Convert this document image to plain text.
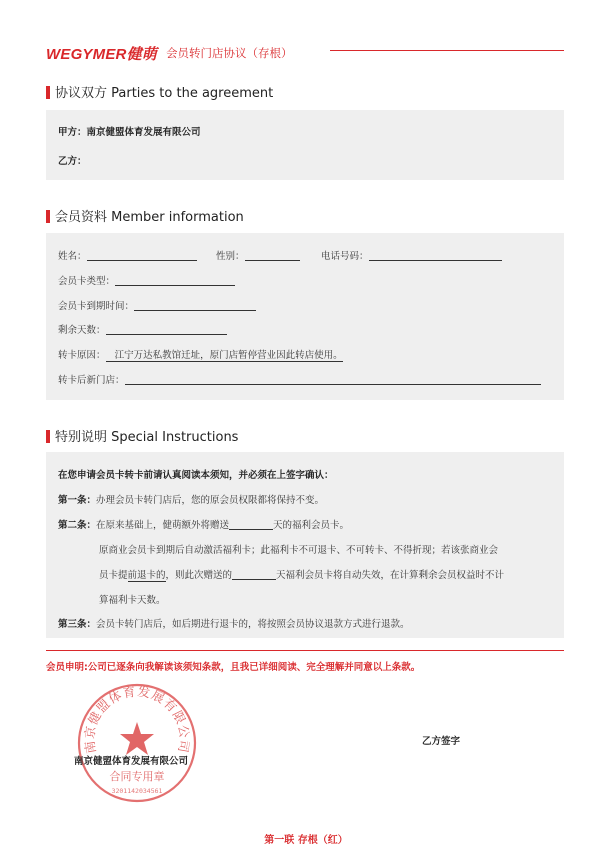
WEGYMER健萌 会员转门店协议（存根）
协议双方 Parties to the agreement
甲方：南京健盟体育发展有限公司
乙方：
会员资料 Member information
姓名：	性别：	电话号码：
会员卡类型：
会员卡到期时间：
剩余天数：
转卡原因：   江宁万达私教馆迁址，原门店暂停营业因此转店使用。
转卡后新门店：
特别说明 Special Instructions
在您申请会员卡转卡前请认真阅读本须知，并必须在上签字确认：
第一条：办理会员卡转门店后，您的原会员权限都将保持不变。
第二条：在原来基础上，健萌额外将赠送	天的福利会员卡。
原商业会员卡到期后自动激活福利卡；此福利卡不可退卡、不可转卡、不得折现；若该张商业会
员卡提前退卡的，则此次赠送的	天福利会员卡将自动失效，在计算剩余会员权益时不计
算福利卡天数。
第三条：会员卡转门店后，如后期进行退卡的，将按照会员协议退款方式进行退款。
会员申明:公司已逐条向我解读该须知条款，且我已详细阅读、完全理解并同意以上条款。
南京健盟体育发展有限公司
合同专用章
3201142034561
南京健盟体育发展有限公司
乙方签字
第一联 存根（红）
